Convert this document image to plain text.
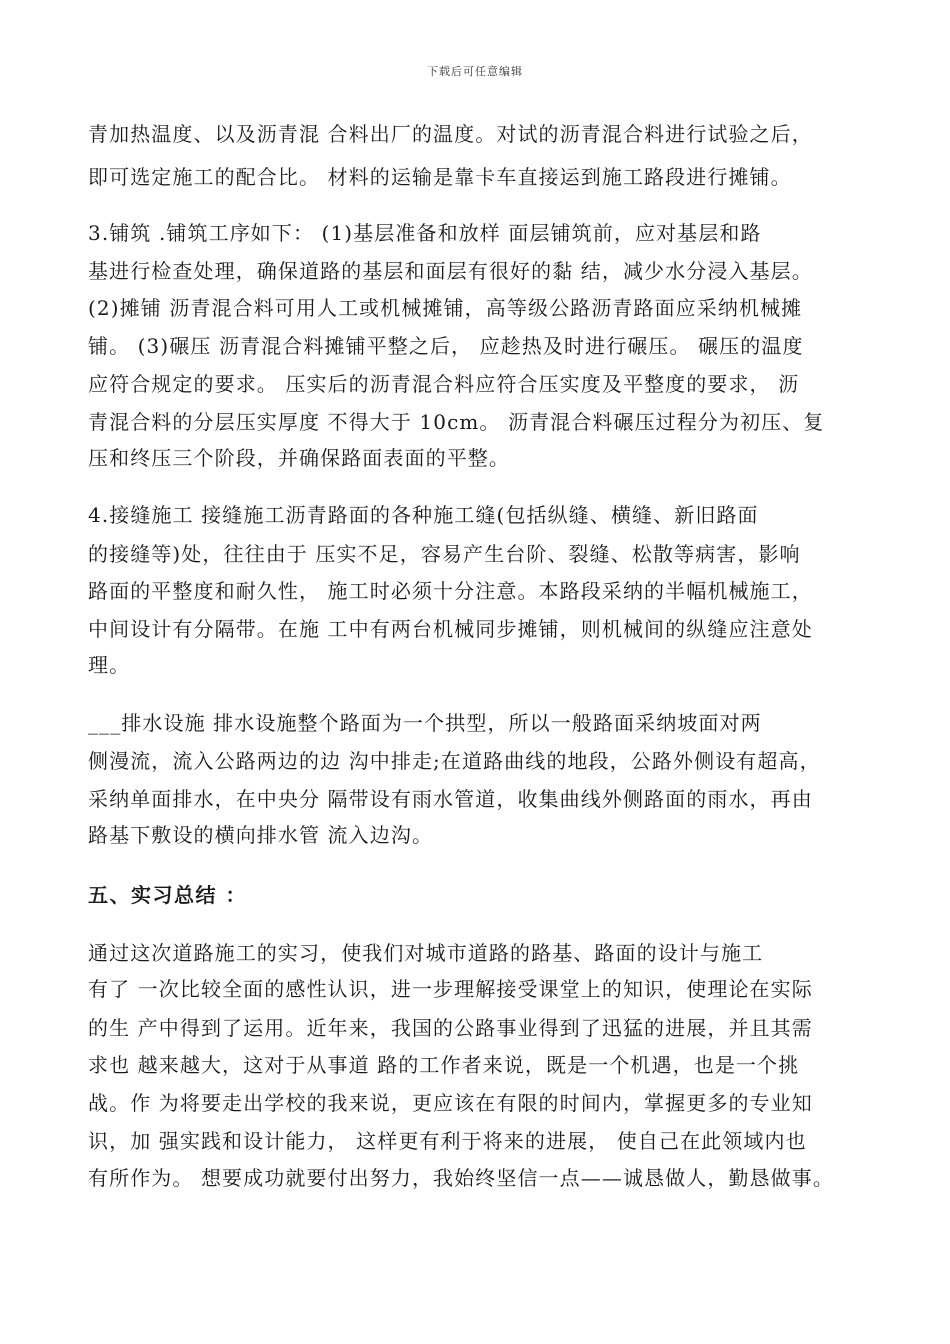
下载后可任意编辑
青加热温度、以及沥青混 合料出厂的温度。对试的沥青混合料进行试验之后，
即可选定施工的配合比。 材料的运输是靠卡车直接运到施工路段进行摊铺。
3.铺筑 .铺筑工序如下： (1)基层准备和放样 面层铺筑前，应对基层和路
基进行检查处理，确保道路的基层和面层有很好的黏 结，减少水分浸入基层。
(2)摊铺 沥青混合料可用人工或机械摊铺，高等级公路沥青路面应采纳机械摊
铺。 (3)碾压 沥青混合料摊铺平整之后， 应趁热及时进行碾压。 碾压的温度
应符合规定的要求。 压实后的沥青混合料应符合压实度及平整度的要求， 沥
青混合料的分层压实厚度 不得大于 10cm。 沥青混合料碾压过程分为初压、复
压和终压三个阶段，并确保路面表面的平整。
4.接缝施工 接缝施工沥青路面的各种施工缝(包括纵缝、横缝、新旧路面
的接缝等)处，往往由于 压实不足，容易产生台阶、裂缝、松散等病害，影响
路面的平整度和耐久性， 施工时必须十分注意。本路段采纳的半幅机械施工，
中间设计有分隔带。在施 工中有两台机械同步摊铺，则机械间的纵缝应注意处
理。
___排水设施 排水设施整个路面为一个拱型，所以一般路面采纳坡面对两
侧漫流，流入公路两边的边 沟中排走;在道路曲线的地段，公路外侧设有超高，
采纳单面排水，在中央分 隔带设有雨水管道，收集曲线外侧路面的雨水，再由
路基下敷设的横向排水管 流入边沟。
五、实习总结 ：
通过这次道路施工的实习，使我们对城市道路的路基、路面的设计与施工
有了 一次比较全面的感性认识，进一步理解接受课堂上的知识，使理论在实际
的生 产中得到了运用。近年来，我国的公路事业得到了迅猛的进展，并且其需
求也 越来越大，这对于从事道 路的工作者来说，既是一个机遇，也是一个挑
战。作 为将要走出学校的我来说，更应该在有限的时间内，掌握更多的专业知
识，加 强实践和设计能力， 这样更有利于将来的进展， 使自己在此领域内也
有所作为。 想要成功就要付出努力，我始终坚信一点——诚恳做人，勤恳做事。
